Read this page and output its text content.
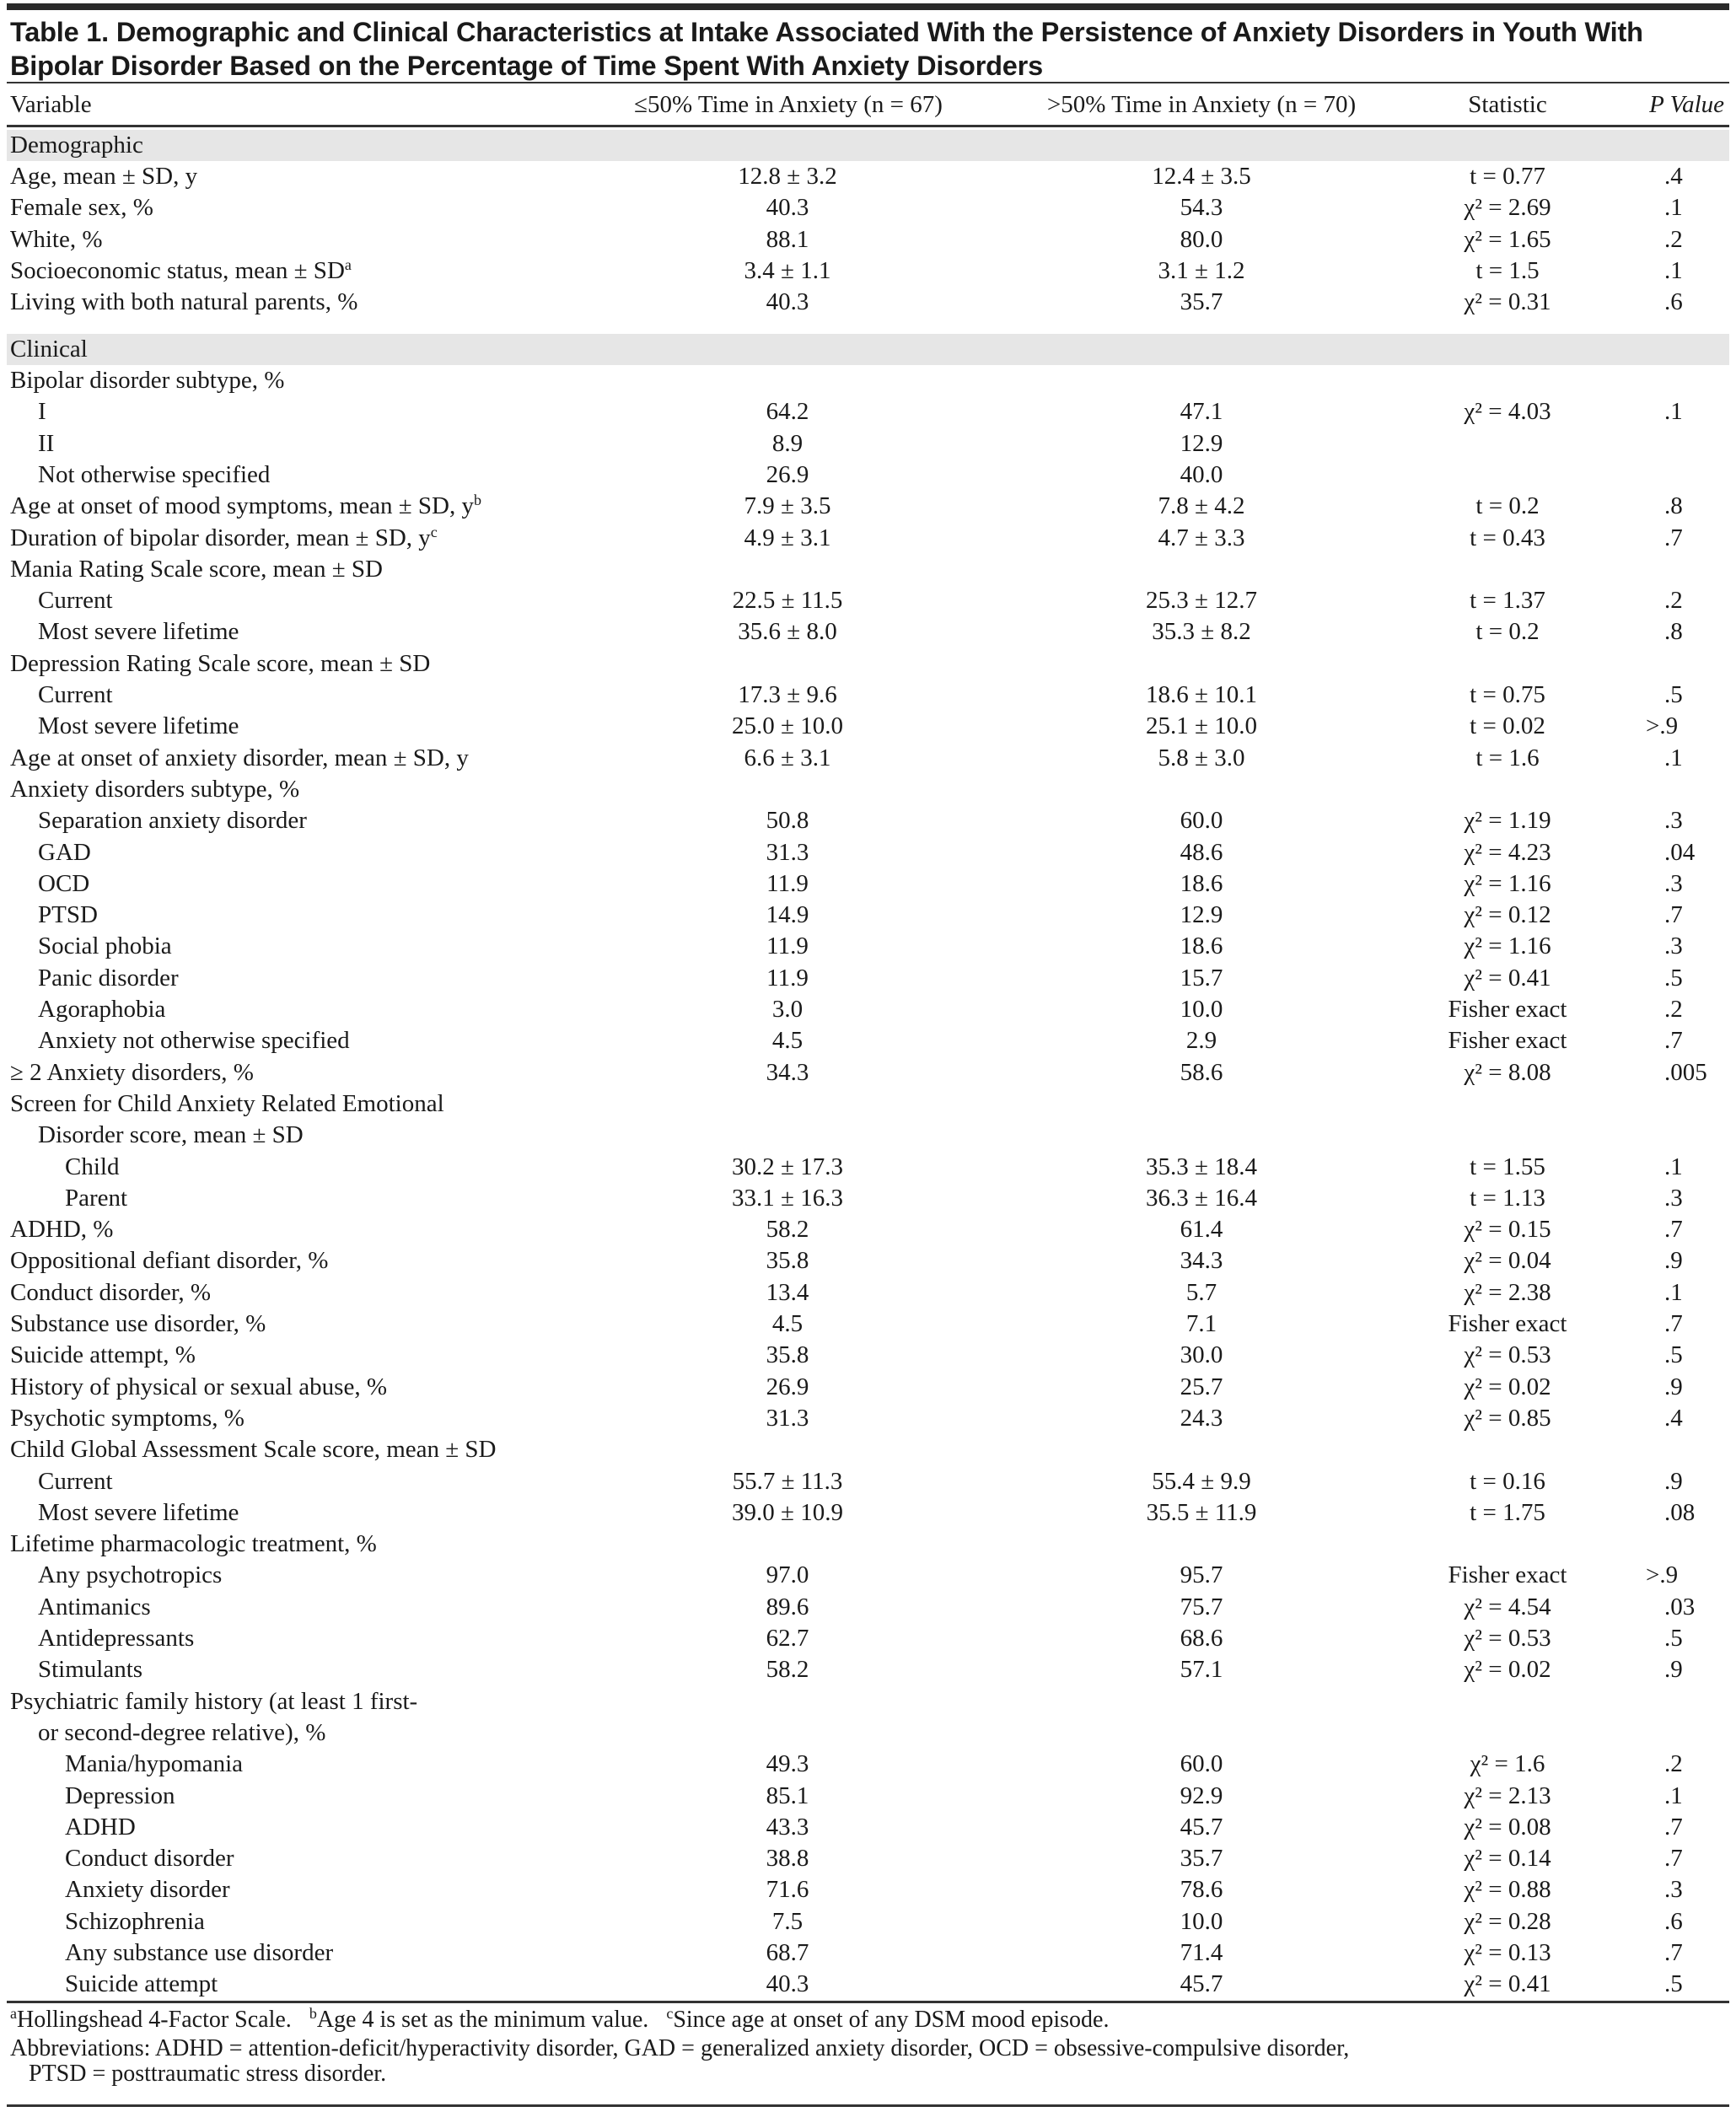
Table 1. Demographic and Clinical Characteristics at Intake Associated With the Persistence of Anxiety Disorders in Youth With Bipolar Disorder Based on the Percentage of Time Spent With Anxiety Disorders
Variable	≤50% Time in Anxiety (n = 67)	>50% Time in Anxiety (n = 70)	Statistic	P Value
Demographic
Age, mean ± SD, y	12.8 ± 3.2	12.4 ± 3.5	t = 0.77	.4
Female sex, %	40.3	54.3	χ² = 2.69	.1
White, %	88.1	80.0	χ² = 1.65	.2
Socioeconomic status, mean ± $SD^a$	3.4 ± 1.1	3.1 ± 1.2	t = 1.5	.1
Living with both natural parents, %	40.3	35.7	χ² = 0.31	.6
Clinical
Bipolar disorder subtype, %
I	64.2	47.1	χ² = 4.03	.1
II	8.9	12.9
Not otherwise specified	26.9	40.0
Age at onset of mood symptoms, mean ± SD, $y^b$	7.9 ± 3.5	7.8 ± 4.2	t = 0.2	.8
Duration of bipolar disorder, mean ± SD, $y^c$	4.9 ± 3.1	4.7 ± 3.3	t = 0.43	.7
Mania Rating Scale score, mean ± SD
Current	22.5 ± 11.5	25.3 ± 12.7	t = 1.37	.2
Most severe lifetime	35.6 ± 8.0	35.3 ± 8.2	t = 0.2	.8
Depression Rating Scale score, mean ± SD
Current	17.3 ± 9.6	18.6 ± 10.1	t = 0.75	.5
Most severe lifetime	25.0 ± 10.0	25.1 ± 10.0	t = 0.02	>.9
Age at onset of anxiety disorder, mean ± SD, y	6.6 ± 3.1	5.8 ± 3.0	t = 1.6	.1
Anxiety disorders subtype, %
Separation anxiety disorder	50.8	60.0	χ² = 1.19	.3
GAD	31.3	48.6	χ² = 4.23	.04
OCD	11.9	18.6	χ² = 1.16	.3
PTSD	14.9	12.9	χ² = 0.12	.7
Social phobia	11.9	18.6	χ² = 1.16	.3
Panic disorder	11.9	15.7	χ² = 0.41	.5
Agoraphobia	3.0	10.0	Fisher exact	.2
Anxiety not otherwise specified	4.5	2.9	Fisher exact	.7
≥ 2 Anxiety disorders, %	34.3	58.6	χ² = 8.08	.005
Screen for Child Anxiety Related Emotional
Disorder score, mean ± SD
Child	30.2 ± 17.3	35.3 ± 18.4	t = 1.55	.1
Parent	33.1 ± 16.3	36.3 ± 16.4	t = 1.13	.3
ADHD, %	58.2	61.4	χ² = 0.15	.7
Oppositional defiant disorder, %	35.8	34.3	χ² = 0.04	.9
Conduct disorder, %	13.4	5.7	χ² = 2.38	.1
Substance use disorder, %	4.5	7.1	Fisher exact	.7
Suicide attempt, %	35.8	30.0	χ² = 0.53	.5
History of physical or sexual abuse, %	26.9	25.7	χ² = 0.02	.9
Psychotic symptoms, %	31.3	24.3	χ² = 0.85	.4
Child Global Assessment Scale score, mean ± SD
Current	55.7 ± 11.3	55.4 ± 9.9	t = 0.16	.9
Most severe lifetime	39.0 ± 10.9	35.5 ± 11.9	t = 1.75	.08
Lifetime pharmacologic treatment, %
Any psychotropics	97.0	95.7	Fisher exact	>.9
Antimanics	89.6	75.7	χ² = 4.54	.03
Antidepressants	62.7	68.6	χ² = 0.53	.5
Stimulants	58.2	57.1	χ² = 0.02	.9
Psychiatric family history (at least 1 first-
or second-degree relative), %
Mania/hypomania	49.3	60.0	χ² = 1.6	.2
Depression	85.1	92.9	χ² = 2.13	.1
ADHD	43.3	45.7	χ² = 0.08	.7
Conduct disorder	38.8	35.7	χ² = 0.14	.7
Anxiety disorder	71.6	78.6	χ² = 0.88	.3
Schizophrenia	7.5	10.0	χ² = 0.28	.6
Any substance use disorder	68.7	71.4	χ² = 0.13	.7
Suicide attempt	40.3	45.7	χ² = 0.41	.5
$^a$Hollingshead 4-Factor Scale. $^b$Age 4 is set as the minimum value. $^c$Since age at onset of any DSM mood episode.
Abbreviations: ADHD = attention-deficit/hyperactivity disorder, GAD = generalized anxiety disorder, OCD = obsessive-compulsive disorder,
PTSD = posttraumatic stress disorder.
